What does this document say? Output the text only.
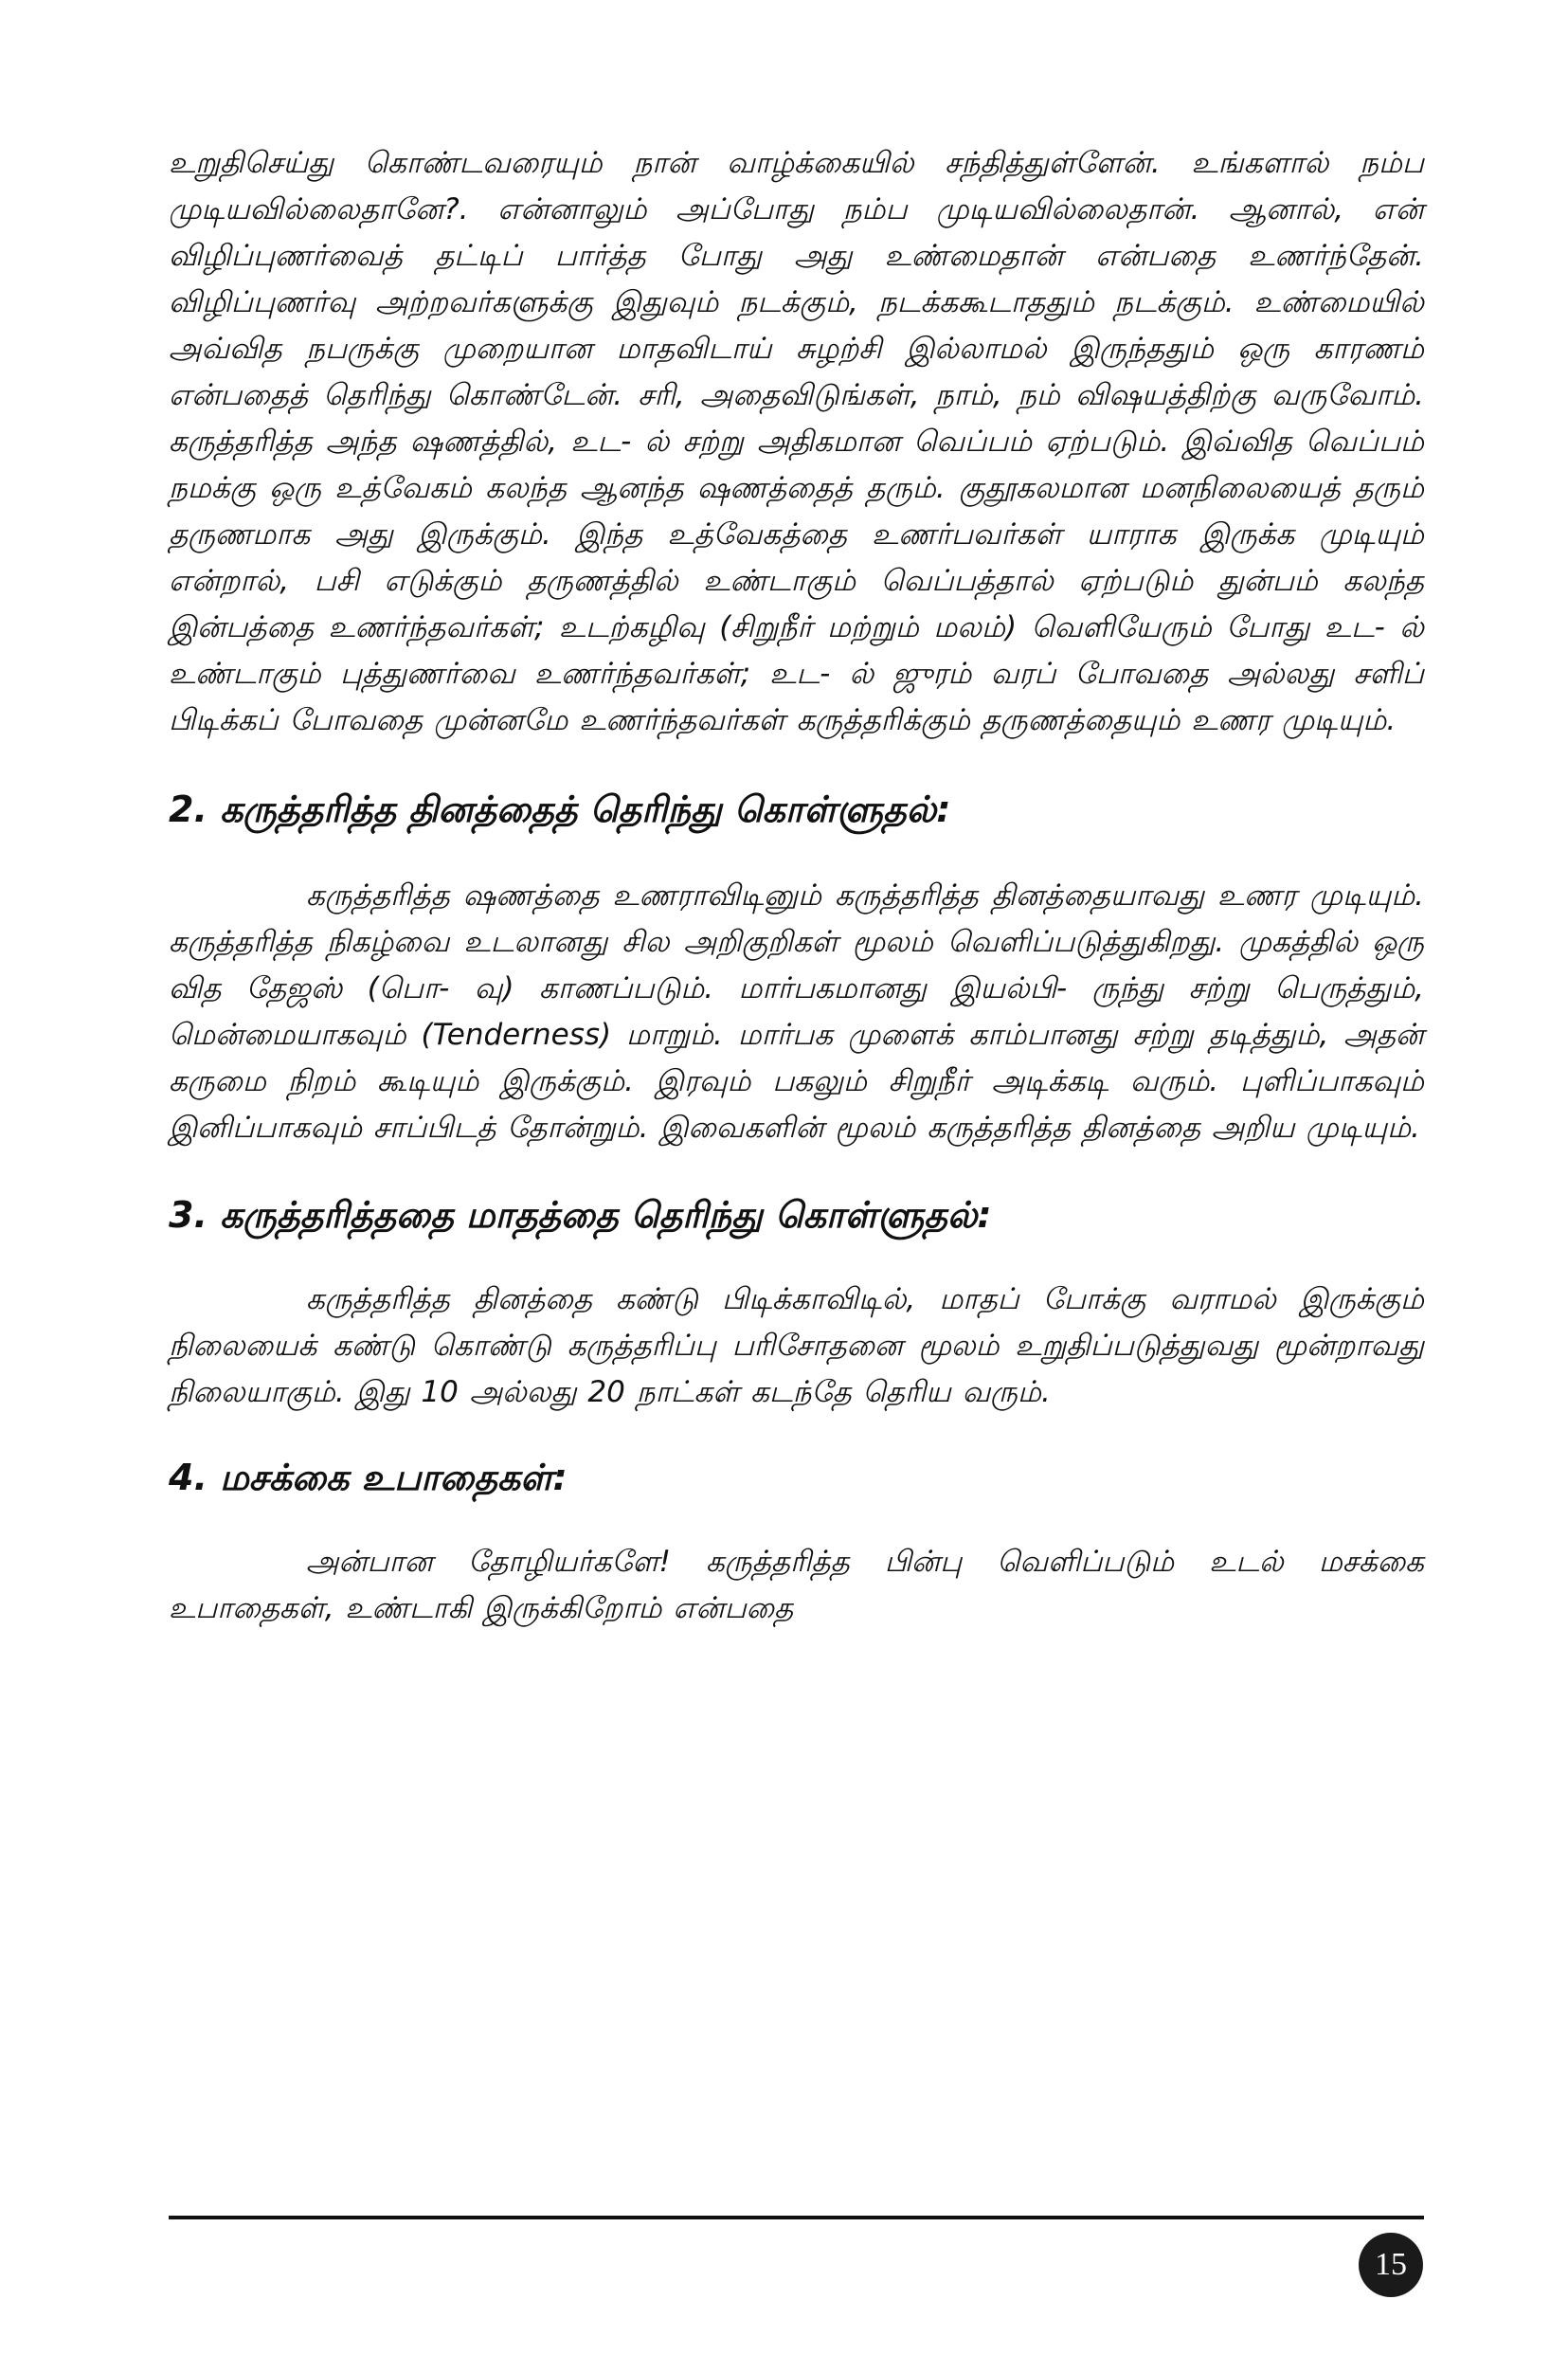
உறுதிசெய்து கொண்டவரையும் நான் வாழ்க்கையில் சந்தித்துள்ளேன். உங்களால் நம்ப முடியவில்லைதானே?. என்னாலும் அப்போது நம்ப முடியவில்லைதான். ஆனால், என் விழிப்புணர்வைத் தட்டிப் பார்த்த போது அது உண்மைதான் என்பதை உணர்ந்தேன். விழிப்புணர்வு அற்றவர்களுக்கு இதுவும் நடக்கும், நடக்ககூடாததும் நடக்கும். உண்மையில் அவ்வித நபருக்கு முறையான மாதவிடாய் சுழற்சி இல்லாமல் இருந்ததும் ஒரு காரணம் என்பதைத் தெரிந்து கொண்டேன். சரி, அதைவிடுங்கள், நாம், நம் விஷயத்திற்கு வருவோம். கருத்தரித்த அந்த ஷணத்தில், உட- ல் சற்று அதிகமான வெப்பம் ஏற்படும். இவ்வித வெப்பம் நமக்கு ஒரு உத்வேகம் கலந்த ஆனந்த ஷணத்தைத் தரும். குதூகலமான மனநிலையைத் தரும் தருணமாக அது இருக்கும். இந்த உத்வேகத்தை உணர்பவர்கள் யாராக இருக்க முடியும் என்றால், பசி எடுக்கும் தருணத்தில் உண்டாகும் வெப்பத்தால் ஏற்படும் துன்பம் கலந்த இன்பத்தை உணர்ந்தவர்கள்; உடற்கழிவு (சிறுநீர் மற்றும் மலம்) வெளியேரும் போது உட- ல் உண்டாகும் புத்துணர்வை உணர்ந்தவர்கள்; உட- ல் ஜுரம் வரப் போவதை அல்லது சளிப் பிடிக்கப் போவதை முன்னமே உணர்ந்தவர்கள் கருத்தரிக்கும் தருணத்தையும் உணர முடியும்.

2. கருத்தரித்த தினத்தைத் தெரிந்து கொள்ளுதல்:

கருத்தரித்த ஷணத்தை உணராவிடினும் கருத்தரித்த தினத்தையாவது உணர முடியும். கருத்தரித்த நிகழ்வை உடலானது சில அறிகுறிகள் மூலம் வெளிப்படுத்துகிறது. முகத்தில் ஒரு வித தேஜஸ் (பொ- வு) காணப்படும். மார்பகமானது இயல்பி- ருந்து சற்று பெருத்தும், மென்மையாகவும் (Tenderness) மாறும். மார்பக முளைக் காம்பானது சற்று தடித்தும், அதன் கருமை நிறம் கூடியும் இருக்கும். இரவும் பகலும் சிறுநீர் அடிக்கடி வரும். புளிப்பாகவும் இனிப்பாகவும் சாப்பிடத் தோன்றும். இவைகளின் மூலம் கருத்தரித்த தினத்தை அறிய முடியும்.

3. கருத்தரித்ததை மாதத்தை தெரிந்து கொள்ளுதல்:

கருத்தரித்த தினத்தை கண்டு பிடிக்காவிடில், மாதப் போக்கு வராமல் இருக்கும் நிலையைக் கண்டு கொண்டு கருத்தரிப்பு பரிசோதனை மூலம் உறுதிப்படுத்துவது மூன்றாவது நிலையாகும். இது 10 அல்லது 20 நாட்கள் கடந்தே தெரிய வரும்.

4. மசக்கை உபாதைகள்:

அன்பான தோழியர்களே! கருத்தரித்த பின்பு வெளிப்படும் உடல் மசக்கை உபாதைகள், உண்டாகி இருக்கிறோம் என்பதை

15
